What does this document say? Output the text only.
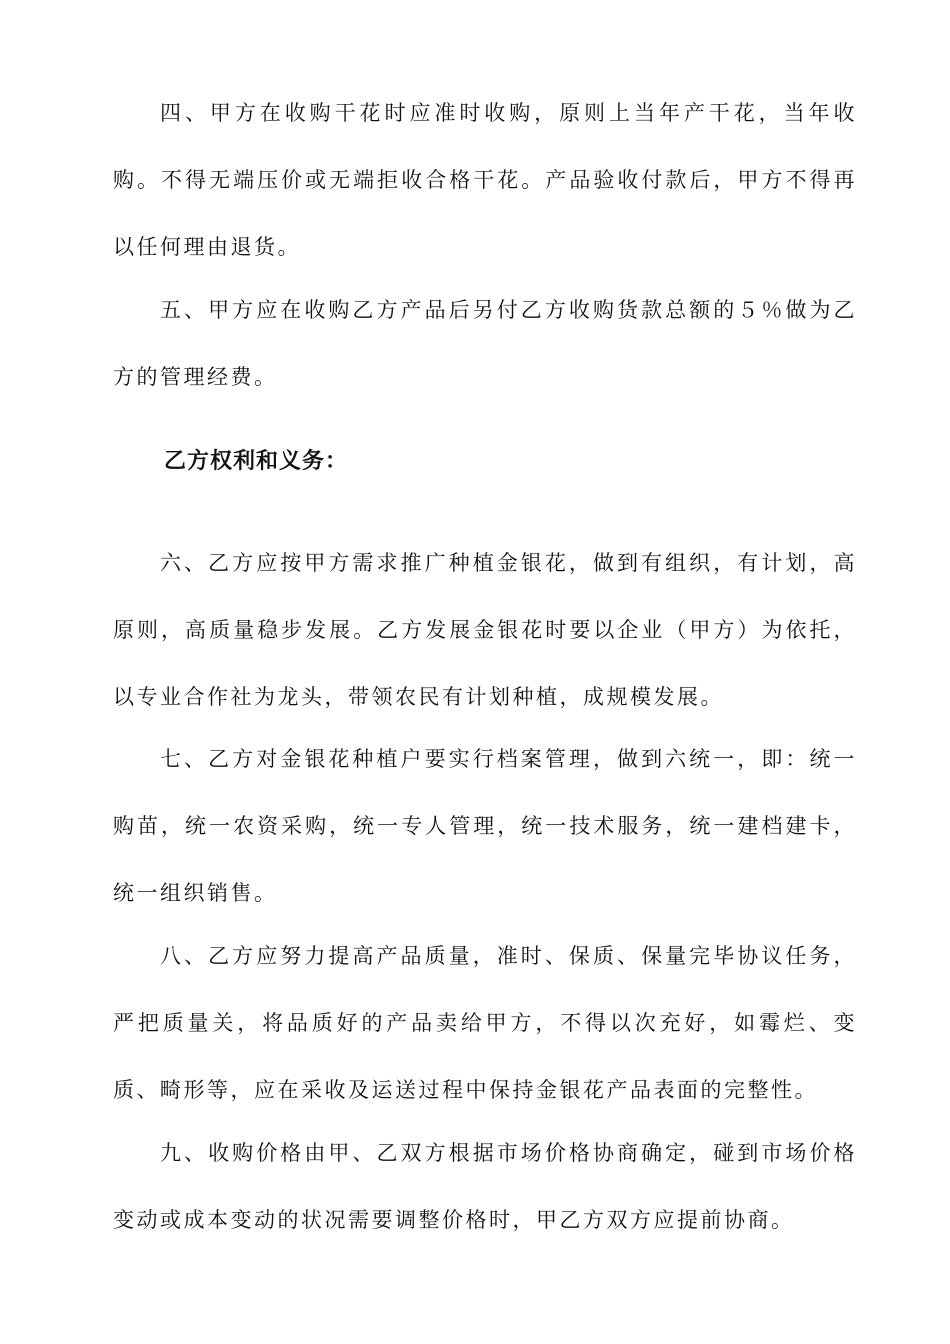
四、甲方在收购干花时应准时收购，原则上当年产干花，当年收购。不得无端压价或无端拒收合格干花。产品验收付款后，甲方不得再以任何理由退货。

五、甲方应在收购乙方产品后另付乙方收购货款总额的５％做为乙方的管理经费。

乙方权利和义务：

六、乙方应按甲方需求推广种植金银花，做到有组织，有计划，高原则，高质量稳步发展。乙方发展金银花时要以企业（甲方）为依托，以专业合作社为龙头，带领农民有计划种植，成规模发展。

七、乙方对金银花种植户要实行档案管理，做到六统一，即：统一购苗，统一农资采购，统一专人管理，统一技术服务，统一建档建卡，统一组织销售。

八、乙方应努力提高产品质量，准时、保质、保量完毕协议任务，严把质量关，将品质好的产品卖给甲方，不得以次充好，如霉烂、变质、畸形等，应在采收及运送过程中保持金银花产品表面的完整性。

九、收购价格由甲、乙双方根据市场价格协商确定，碰到市场价格变动或成本变动的状况需要调整价格时，甲乙方双方应提前协商。
